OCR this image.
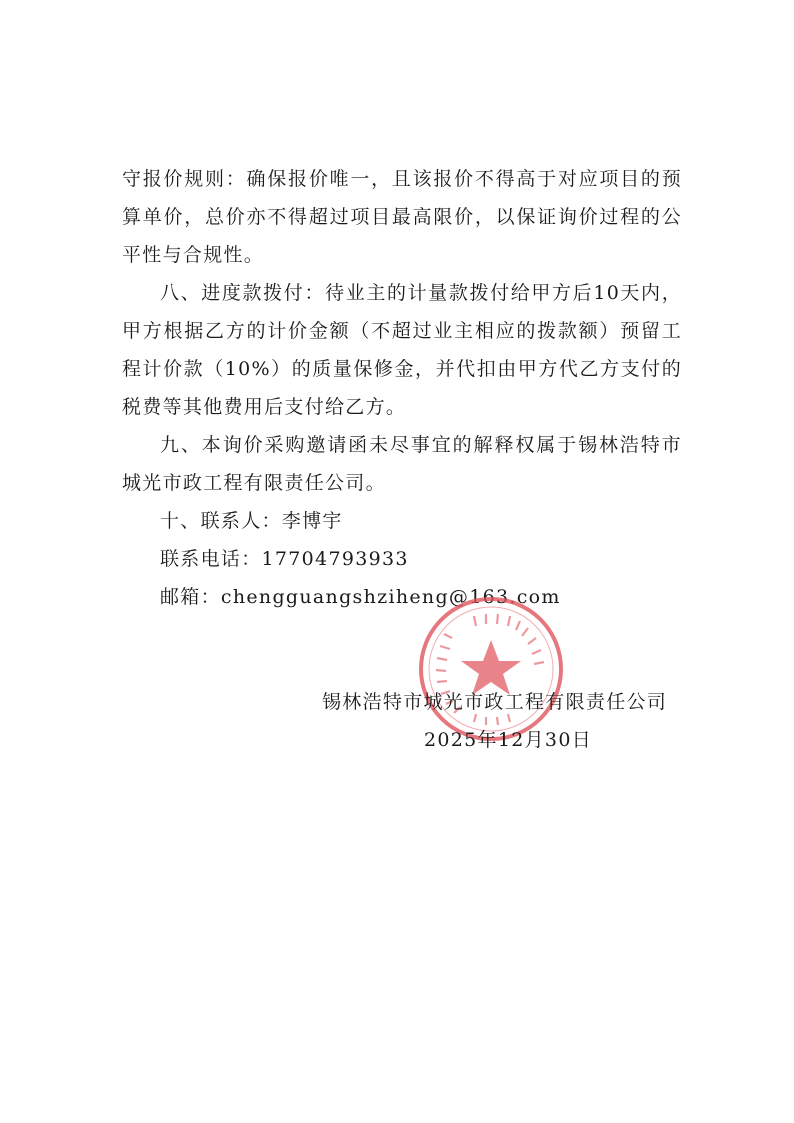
守报价规则：确保报价唯一，且该报价不得高于对应项目的预算单价，总价亦不得超过项目最高限价，以保证询价过程的公平性与合规性。

八、进度款拨付：待业主的计量款拨付给甲方后10天内，甲方根据乙方的计价金额（不超过业主相应的拨款额）预留工程计价款（10%）的质量保修金，并代扣由甲方代乙方支付的税费等其他费用后支付给乙方。

九、本询价采购邀请函未尽事宜的解释权属于锡林浩特市城光市政工程有限责任公司。

十、联系人：李博宇

联系电话：17704793933

邮箱：chengguangshziheng@163.com

锡林浩特市城光市政工程有限责任公司
2025年12月30日
